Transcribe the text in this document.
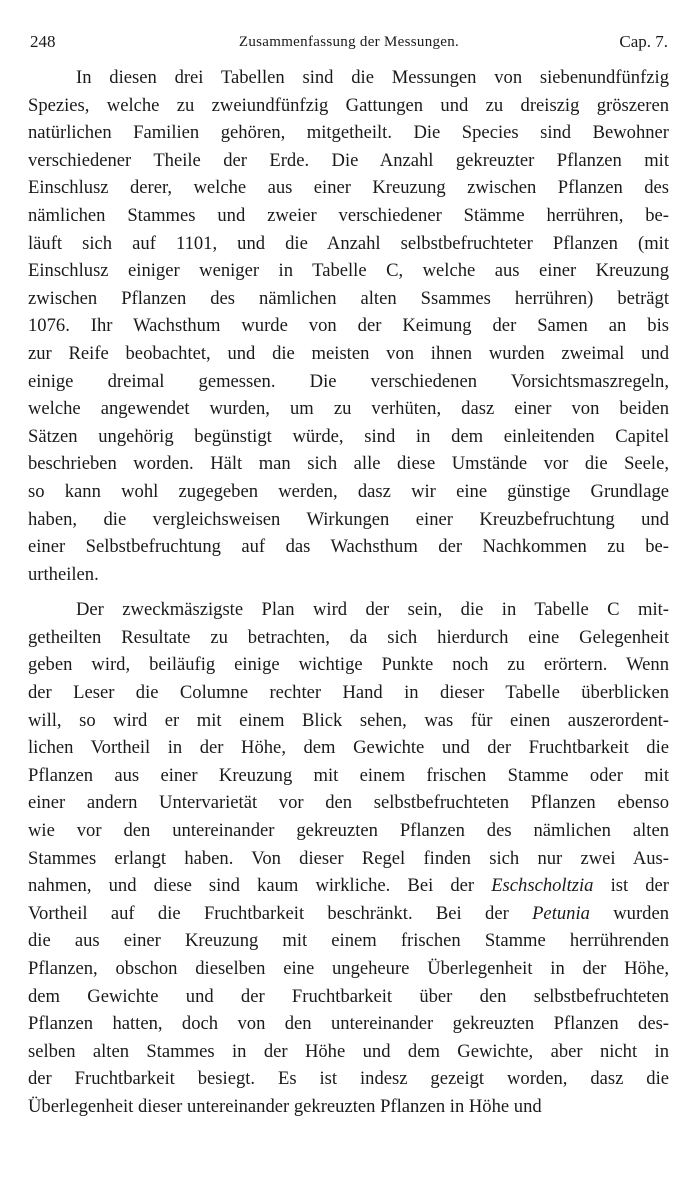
248	Zusammenfassung der Messungen.	Cap. 7.
In diesen drei Tabellen sind die Messungen von siebenundfünfzig
Spezies, welche zu zweiundfünfzig Gattungen und zu dreiszig gröszeren
natürlichen Familien gehören, mitgetheilt. Die Species sind Bewohner
verschiedener Theile der Erde. Die Anzahl gekreuzter Pflanzen mit
Einschlusz derer, welche aus einer Kreuzung zwischen Pflanzen des
nämlichen Stammes und zweier verschiedener Stämme herrühren, be-
läuft sich auf 1101, und die Anzahl selbstbefruchteter Pflanzen (mit
Einschlusz einiger weniger in Tabelle C, welche aus einer Kreuzung
zwischen Pflanzen des nämlichen alten Ssammes herrühren) beträgt
1076. Ihr Wachsthum wurde von der Keimung der Samen an bis
zur Reife beobachtet, und die meisten von ihnen wurden zweimal und
einige dreimal gemessen. Die verschiedenen Vorsichtsmaszregeln,
welche angewendet wurden, um zu verhüten, dasz einer von beiden
Sätzen ungehörig begünstigt würde, sind in dem einleitenden Capitel
beschrieben worden. Hält man sich alle diese Umstände vor die Seele,
so kann wohl zugegeben werden, dasz wir eine günstige Grundlage
haben, die vergleichsweisen Wirkungen einer Kreuzbefruchtung und
einer Selbstbefruchtung auf das Wachsthum der Nachkommen zu be-
urtheilen.
Der zweckmäszigste Plan wird der sein, die in Tabelle C mit-
getheilten Resultate zu betrachten, da sich hierdurch eine Gelegenheit
geben wird, beiläufig einige wichtige Punkte noch zu erörtern. Wenn
der Leser die Columne rechter Hand in dieser Tabelle überblicken
will, so wird er mit einem Blick sehen, was für einen auszerordent-
lichen Vortheil in der Höhe, dem Gewichte und der Fruchtbarkeit die
Pflanzen aus einer Kreuzung mit einem frischen Stamme oder mit
einer andern Untervarietät vor den selbstbefruchteten Pflanzen ebenso
wie vor den untereinander gekreuzten Pflanzen des nämlichen alten
Stammes erlangt haben. Von dieser Regel finden sich nur zwei Aus-
nahmen, und diese sind kaum wirkliche. Bei der Eschscholtzia ist der
Vortheil auf die Fruchtbarkeit beschränkt. Bei der Petunia wurden
die aus einer Kreuzung mit einem frischen Stamme herrührenden
Pflanzen, obschon dieselben eine ungeheure Überlegenheit in der Höhe,
dem Gewichte und der Fruchtbarkeit über den selbstbefruchteten
Pflanzen hatten, doch von den untereinander gekreuzten Pflanzen des-
selben alten Stammes in der Höhe und dem Gewichte, aber nicht in
der Fruchtbarkeit besiegt. Es ist indesz gezeigt worden, dasz die
Überlegenheit dieser untereinander gekreuzten Pflanzen in Höhe und
